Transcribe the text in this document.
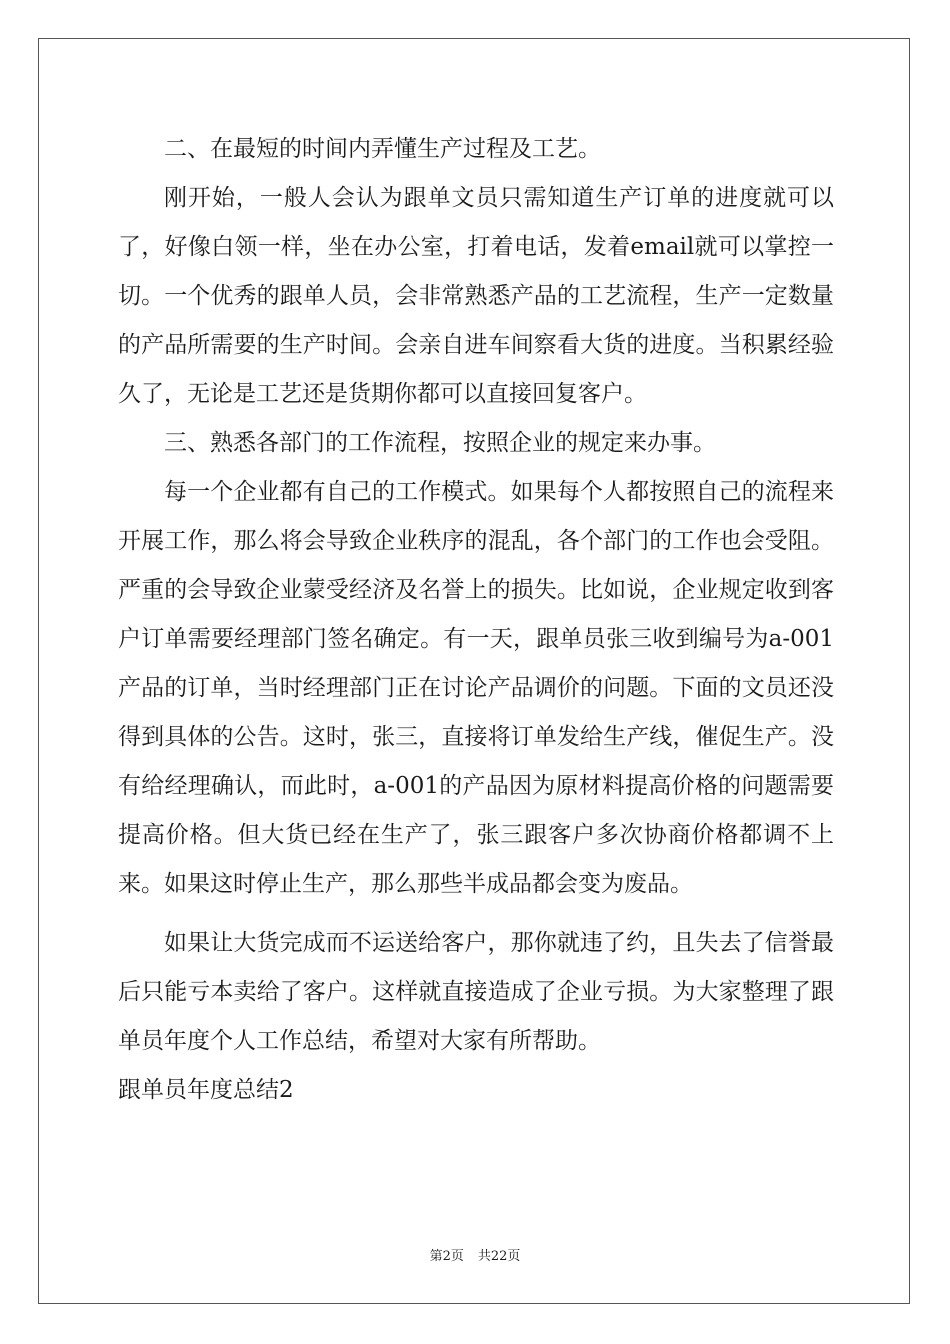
二、在最短的时间内弄懂生产过程及工艺。

刚开始，一般人会认为跟单文员只需知道生产订单的进度就可以了，好像白领一样，坐在办公室，打着电话，发着email就可以掌控一切。一个优秀的跟单人员，会非常熟悉产品的工艺流程，生产一定数量的产品所需要的生产时间。会亲自进车间察看大货的进度。当积累经验久了，无论是工艺还是货期你都可以直接回复客户。

三、熟悉各部门的工作流程，按照企业的规定来办事。

每一个企业都有自己的工作模式。如果每个人都按照自己的流程来开展工作，那么将会导致企业秩序的混乱，各个部门的工作也会受阻。严重的会导致企业蒙受经济及名誉上的损失。比如说，企业规定收到客户订单需要经理部门签名确定。有一天，跟单员张三收到编号为a-001产品的订单，当时经理部门正在讨论产品调价的问题。下面的文员还没得到具体的公告。这时，张三，直接将订单发给生产线，催促生产。没有给经理确认，而此时，a-001的产品因为原材料提高价格的问题需要提高价格。但大货已经在生产了，张三跟客户多次协商价格都调不上来。如果这时停止生产，那么那些半成品都会变为废品。

如果让大货完成而不运送给客户，那你就违了约，且失去了信誉最后只能亏本卖给了客户。这样就直接造成了企业亏损。为大家整理了跟单员年度个人工作总结，希望对大家有所帮助。

跟单员年度总结2

第2页 共22页
